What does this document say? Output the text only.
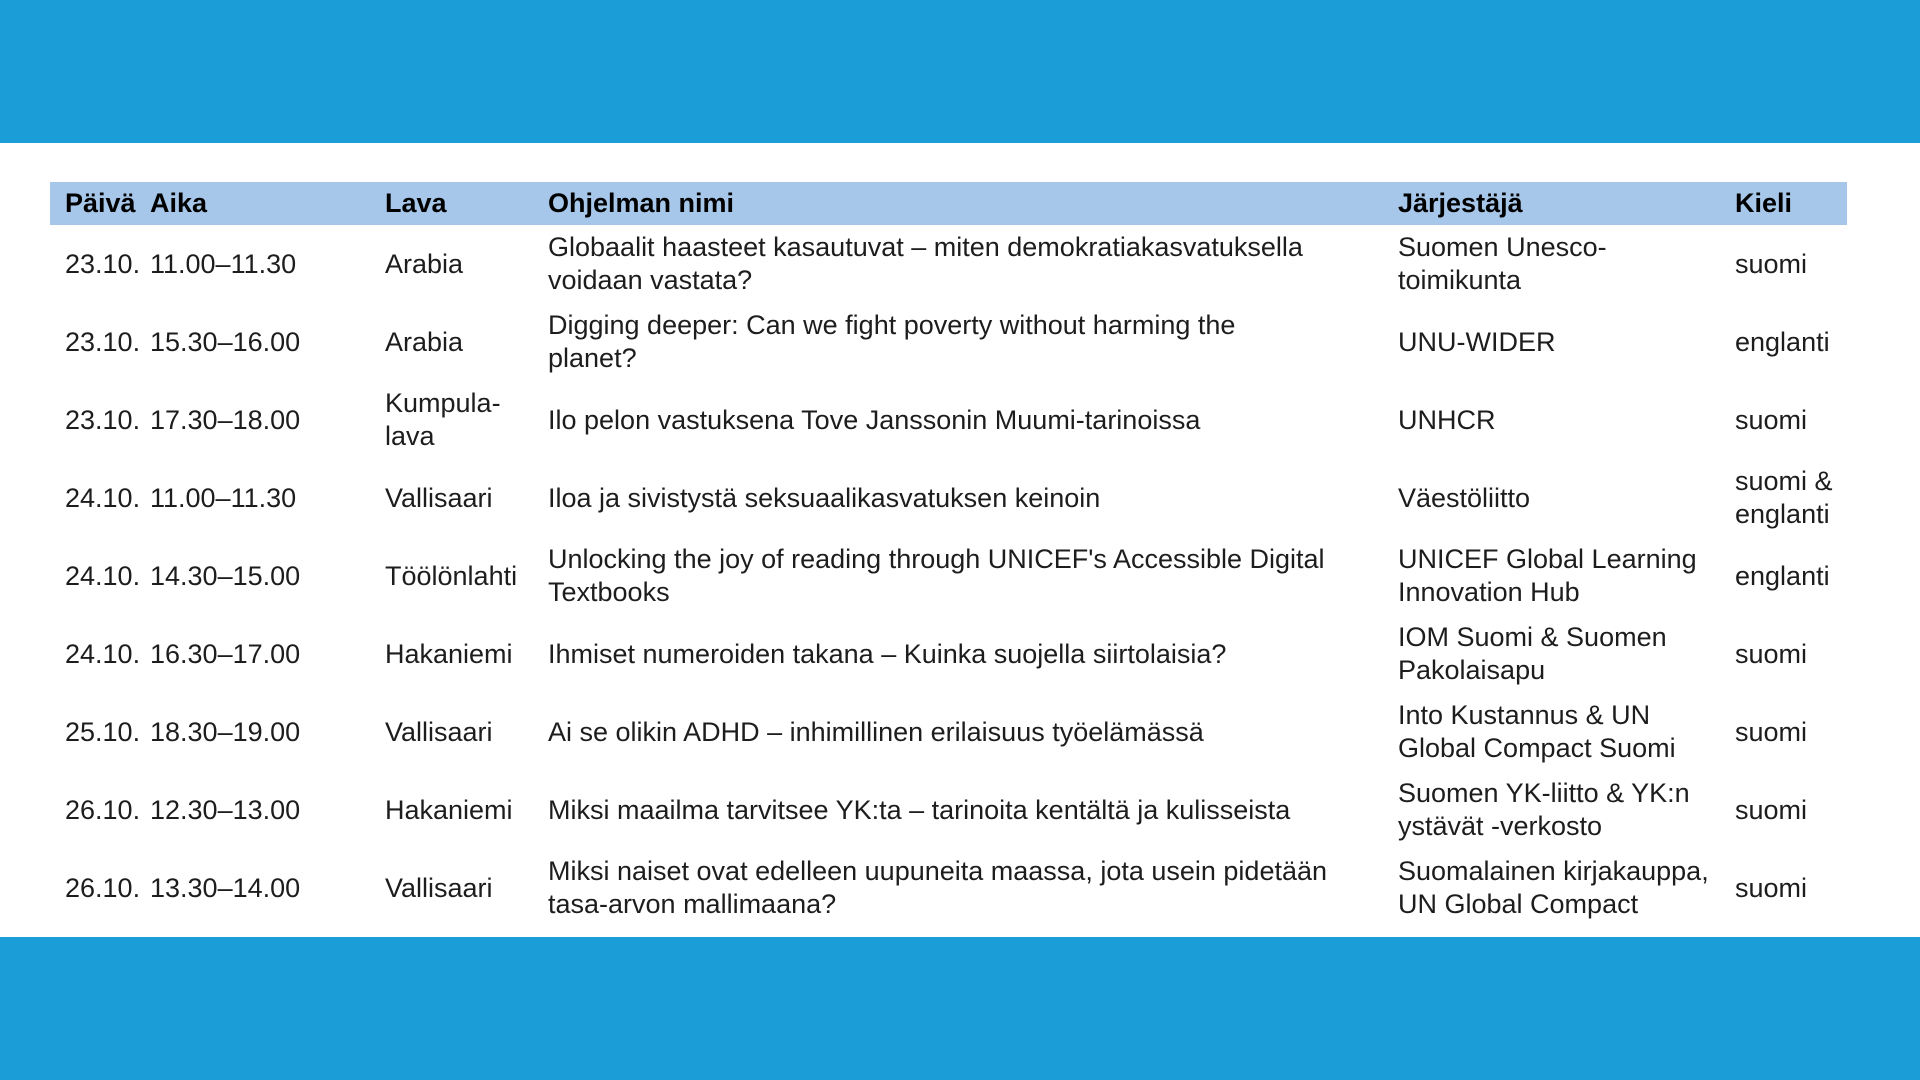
Päivä	Aika	Lava	Ohjelman nimi	Järjestäjä	Kieli
23.10.	11.00–11.30	Arabia	Globaalit haasteet kasautuvat – miten demokratiakasvatuksella voidaan vastata?	Suomen Unesco-toimikunta	suomi
23.10.	15.30–16.00	Arabia	Digging deeper: Can we fight poverty without harming the planet?	UNU-WIDER	englanti
23.10.	17.30–18.00	Kumpula-lava	Ilo pelon vastuksena Tove Janssonin Muumi-tarinoissa	UNHCR	suomi
24.10.	11.00–11.30	Vallisaari	Iloa ja sivistystä seksuaalikasvatuksen keinoin	Väestöliitto	suomi & englanti
24.10.	14.30–15.00	Töölönlahti	Unlocking the joy of reading through UNICEF's Accessible Digital Textbooks	UNICEF Global Learning Innovation Hub	englanti
24.10.	16.30–17.00	Hakaniemi	Ihmiset numeroiden takana – Kuinka suojella siirtolaisia?	IOM Suomi & Suomen Pakolaisapu	suomi
25.10.	18.30–19.00	Vallisaari	Ai se olikin ADHD – inhimillinen erilaisuus työelämässä	Into Kustannus & UN Global Compact Suomi	suomi
26.10.	12.30–13.00	Hakaniemi	Miksi maailma tarvitsee YK:ta – tarinoita kentältä ja kulisseista	Suomen YK-liitto & YK:n ystävät -verkosto	suomi
26.10.	13.30–14.00	Vallisaari	Miksi naiset ovat edelleen uupuneita maassa, jota usein pidetään tasa-arvon mallimaana?	Suomalainen kirjakauppa, UN Global Compact	suomi
